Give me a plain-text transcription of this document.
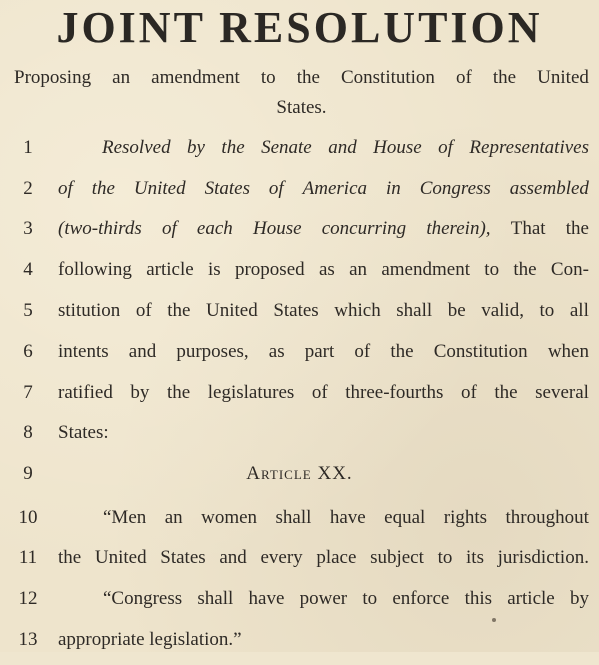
JOINT RESOLUTION
Proposing an amendment to the Constitution of the United
States.
1	Resolved by the Senate and House of Representatives
2	of the United States of America in Congress assembled
3	(two-thirds of each House concurring therein), That the
4	following article is proposed as an amendment to the Con-
5	stitution of the United States which shall be valid, to all
6	intents and purposes, as part of the Constitution when
7	ratified by the legislatures of three-fourths of the several
8	States:
9	Article XX.
10	“Men an women shall have equal rights throughout
11 the United States and every place subject to its jurisdiction.
12	“Congress shall have power to enforce this article by
13 appropriate legislation.”
